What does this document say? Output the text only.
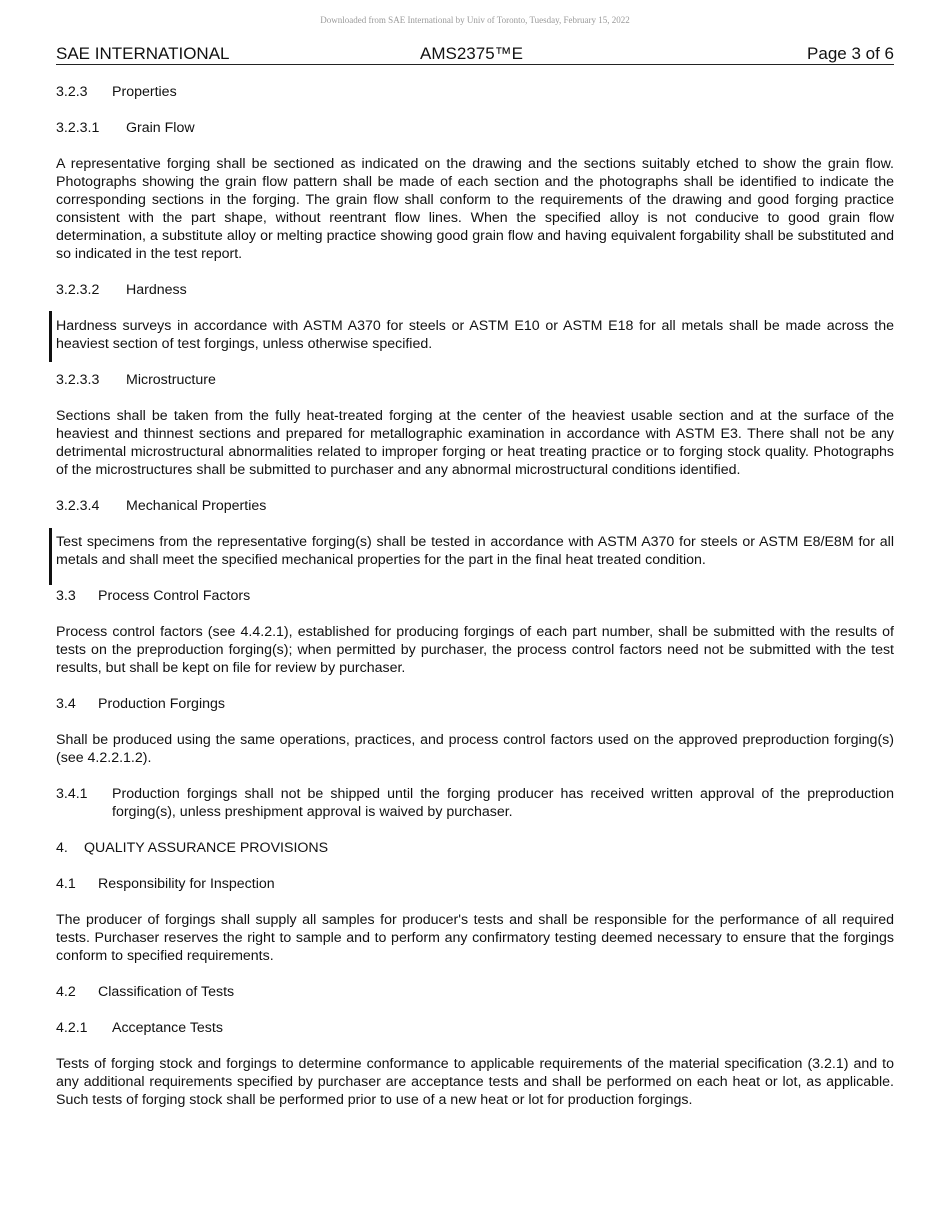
Downloaded from SAE International by Univ of Toronto, Tuesday, February 15, 2022
SAE INTERNATIONAL	AMS2375™E	Page 3 of 6
3.2.3 Properties
3.2.3.1 Grain Flow

A representative forging shall be sectioned as indicated on the drawing and the sections suitably etched to show the grain flow. Photographs showing the grain flow pattern shall be made of each section and the photographs shall be identified to indicate the corresponding sections in the forging. The grain flow shall conform to the requirements of the drawing and good forging practice consistent with the part shape, without reentrant flow lines. When the specified alloy is not conducive to good grain flow determination, a substitute alloy or melting practice showing good grain flow and having equivalent forgability shall be substituted and so indicated in the test report.

3.2.3.2 Hardness
Hardness surveys in accordance with ASTM A370 for steels or ASTM E10 or ASTM E18 for all metals shall be made across the heaviest section of test forgings, unless otherwise specified.
3.2.3.3 Microstructure

Sections shall be taken from the fully heat-treated forging at the center of the heaviest usable section and at the surface of the heaviest and thinnest sections and prepared for metallographic examination in accordance with ASTM E3. There shall not be any detrimental microstructural abnormalities related to improper forging or heat treating practice or to forging stock quality. Photographs of the microstructures shall be submitted to purchaser and any abnormal microstructural conditions identified.

3.2.3.4 Mechanical Properties
Test specimens from the representative forging(s) shall be tested in accordance with ASTM A370 for steels or ASTM E8/E8M for all metals and shall meet the specified mechanical properties for the part in the final heat treated condition.
3.3 Process Control Factors

Process control factors (see 4.4.2.1), established for producing forgings of each part number, shall be submitted with the results of tests on the preproduction forging(s); when permitted by purchaser, the process control factors need not be submitted with the test results, but shall be kept on file for review by purchaser.

3.4 Production Forgings

Shall be produced using the same operations, practices, and process control factors used on the approved preproduction forging(s) (see 4.2.2.1.2).

3.4.1	Production forgings shall not be shipped until the forging producer has received written approval of the preproduction forging(s), unless preshipment approval is waived by purchaser.
4. QUALITY ASSURANCE PROVISIONS
4.1 Responsibility for Inspection

The producer of forgings shall supply all samples for producer's tests and shall be responsible for the performance of all required tests. Purchaser reserves the right to sample and to perform any confirmatory testing deemed necessary to ensure that the forgings conform to specified requirements.

4.2 Classification of Tests
4.2.1 Acceptance Tests

Tests of forging stock and forgings to determine conformance to applicable requirements of the material specification (3.2.1) and to any additional requirements specified by purchaser are acceptance tests and shall be performed on each heat or lot, as applicable. Such tests of forging stock shall be performed prior to use of a new heat or lot for production forgings.
